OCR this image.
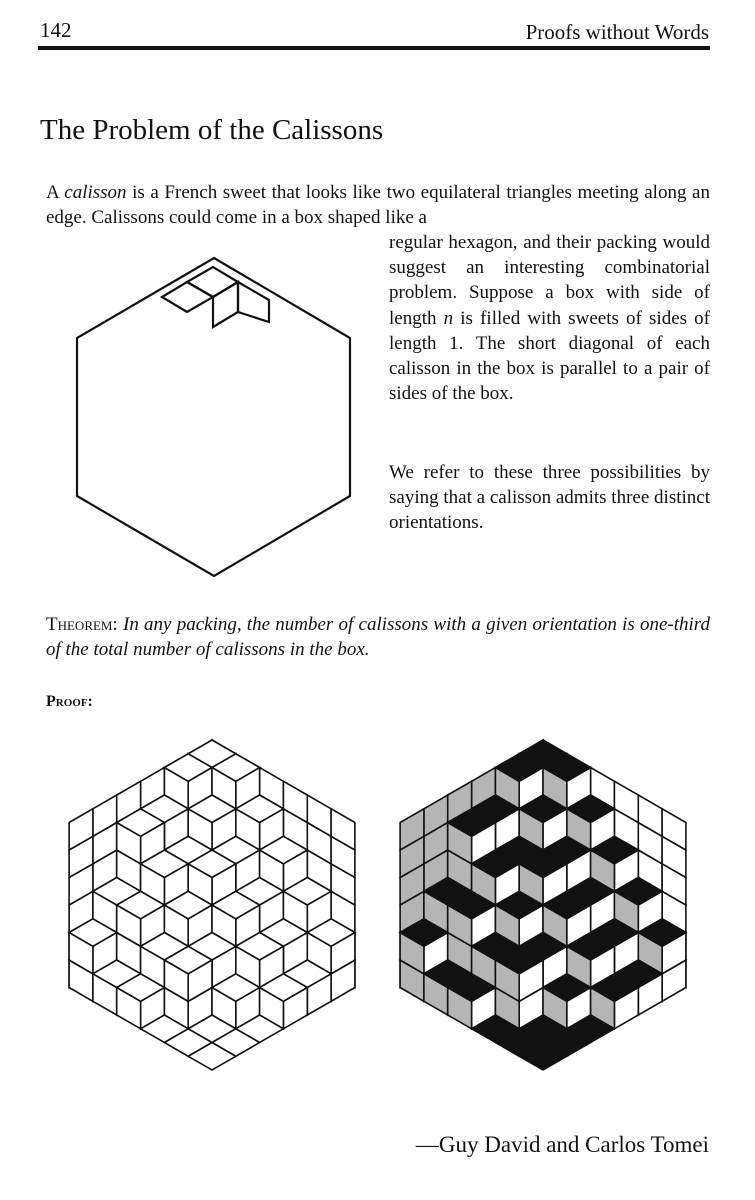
142	Proofs without Words
The Problem of the Calissons

A calisson is a French sweet that looks like two equilateral triangles meeting along an edge. Calissons could come in a box shaped like a

regular hexagon, and their packing would suggest an interesting combinatorial problem. Suppose a box with side of length n is filled with sweets of sides of length 1. The short diagonal of each calisson in the box is parallel to a pair of sides of the box.

We refer to these three possibilities by saying that a calisson admits three distinct orientations.

Theorem: In any packing, the number of calissons with a given orientation is one-third of the total number of calissons in the box.

Proof:
—Guy David and Carlos Tomei
